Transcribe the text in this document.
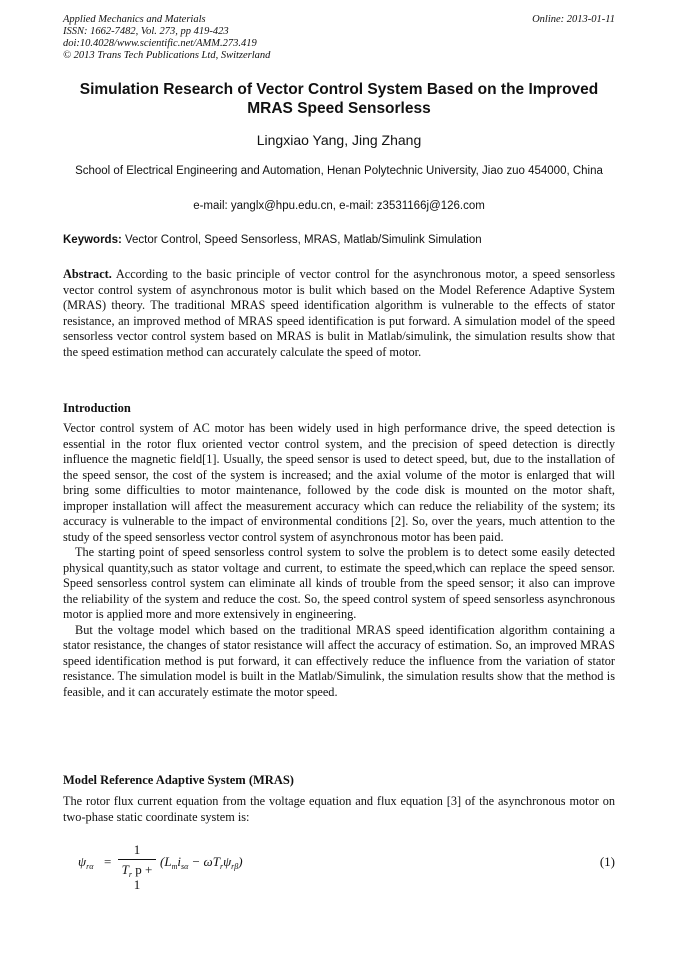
Applied Mechanics and Materials
ISSN: 1662-7482, Vol. 273, pp 419-423
doi:10.4028/www.scientific.net/AMM.273.419
© 2013 Trans Tech Publications Ltd, Switzerland
Online: 2013-01-11
Simulation Research of Vector Control System Based on the Improved MRAS Speed Sensorless
Lingxiao Yang, Jing Zhang
School of Electrical Engineering and Automation, Henan Polytechnic University, Jiao zuo 454000, China
e-mail: yanglx@hpu.edu.cn, e-mail: z3531166j@126.com
Keywords: Vector Control, Speed Sensorless, MRAS, Matlab/Simulink Simulation
Abstract. According to the basic principle of vector control for the asynchronous motor, a speed sensorless vector control system of asynchronous motor is bulit which based on the Model Reference Adaptive System (MRAS) theory. The traditional MRAS speed identification algorithm is vulnerable to the effects of stator resistance, an improved method of MRAS speed identification is put forward. A simulation model of the speed sensorless vector control system based on MRAS is bulit in Matlab/simulink, the simulation results show that the speed estimation method can accurately calculate the speed of motor.
Introduction

Vector control system of AC motor has been widely used in high performance drive, the speed detection is essential in the rotor flux oriented vector control system, and the precision of speed detection is directly influence the magnetic field[1]. Usually, the speed sensor is used to detect speed, but, due to the installation of the speed sensor, the cost of the system is increased; and the axial volume of the motor is enlarged that will bring some difficulties to motor maintenance, followed by the code disk is mounted on the motor shaft, improper installation will affect the measurement accuracy which can reduce the reliability of the system; its accuracy is vulnerable to the impact of environmental conditions [2]. So, over the years, much attention to the study of the speed sensorless vector control system of asynchronous motor has been paid.

The starting point of speed sensorless control system to solve the problem is to detect some easily detected physical quantity,such as stator voltage and current, to estimate the speed,which can replace the speed sensor. Speed sensorless control system can eliminate all kinds of trouble from the speed sensor; it also can improve the reliability of the system and reduce the cost. So, the speed control system of speed sensorless asynchronous motor is applied more and more extensively in engineering.

But the voltage model which based on the traditional MRAS speed identification algorithm containing a stator resistance, the changes of stator resistance will affect the accuracy of estimation. So, an improved MRAS speed identification method is put forward, it can effectively reduce the influence from the variation of stator resistance. The simulation model is built in the Matlab/Simulink, the simulation results show that the method is feasible, and it can accurately estimate the motor speed.

Model Reference Adaptive System (MRAS)

The rotor flux current equation from the voltage equation and flux equation [3] of the asynchronous motor on two-phase static coordinate system is:

$\psi_{r\alpha}$ =
1
$T_r$ p + 1
$(L_mi_{s\alpha} - \omega T_r\psi_{r\beta})$	(1)
